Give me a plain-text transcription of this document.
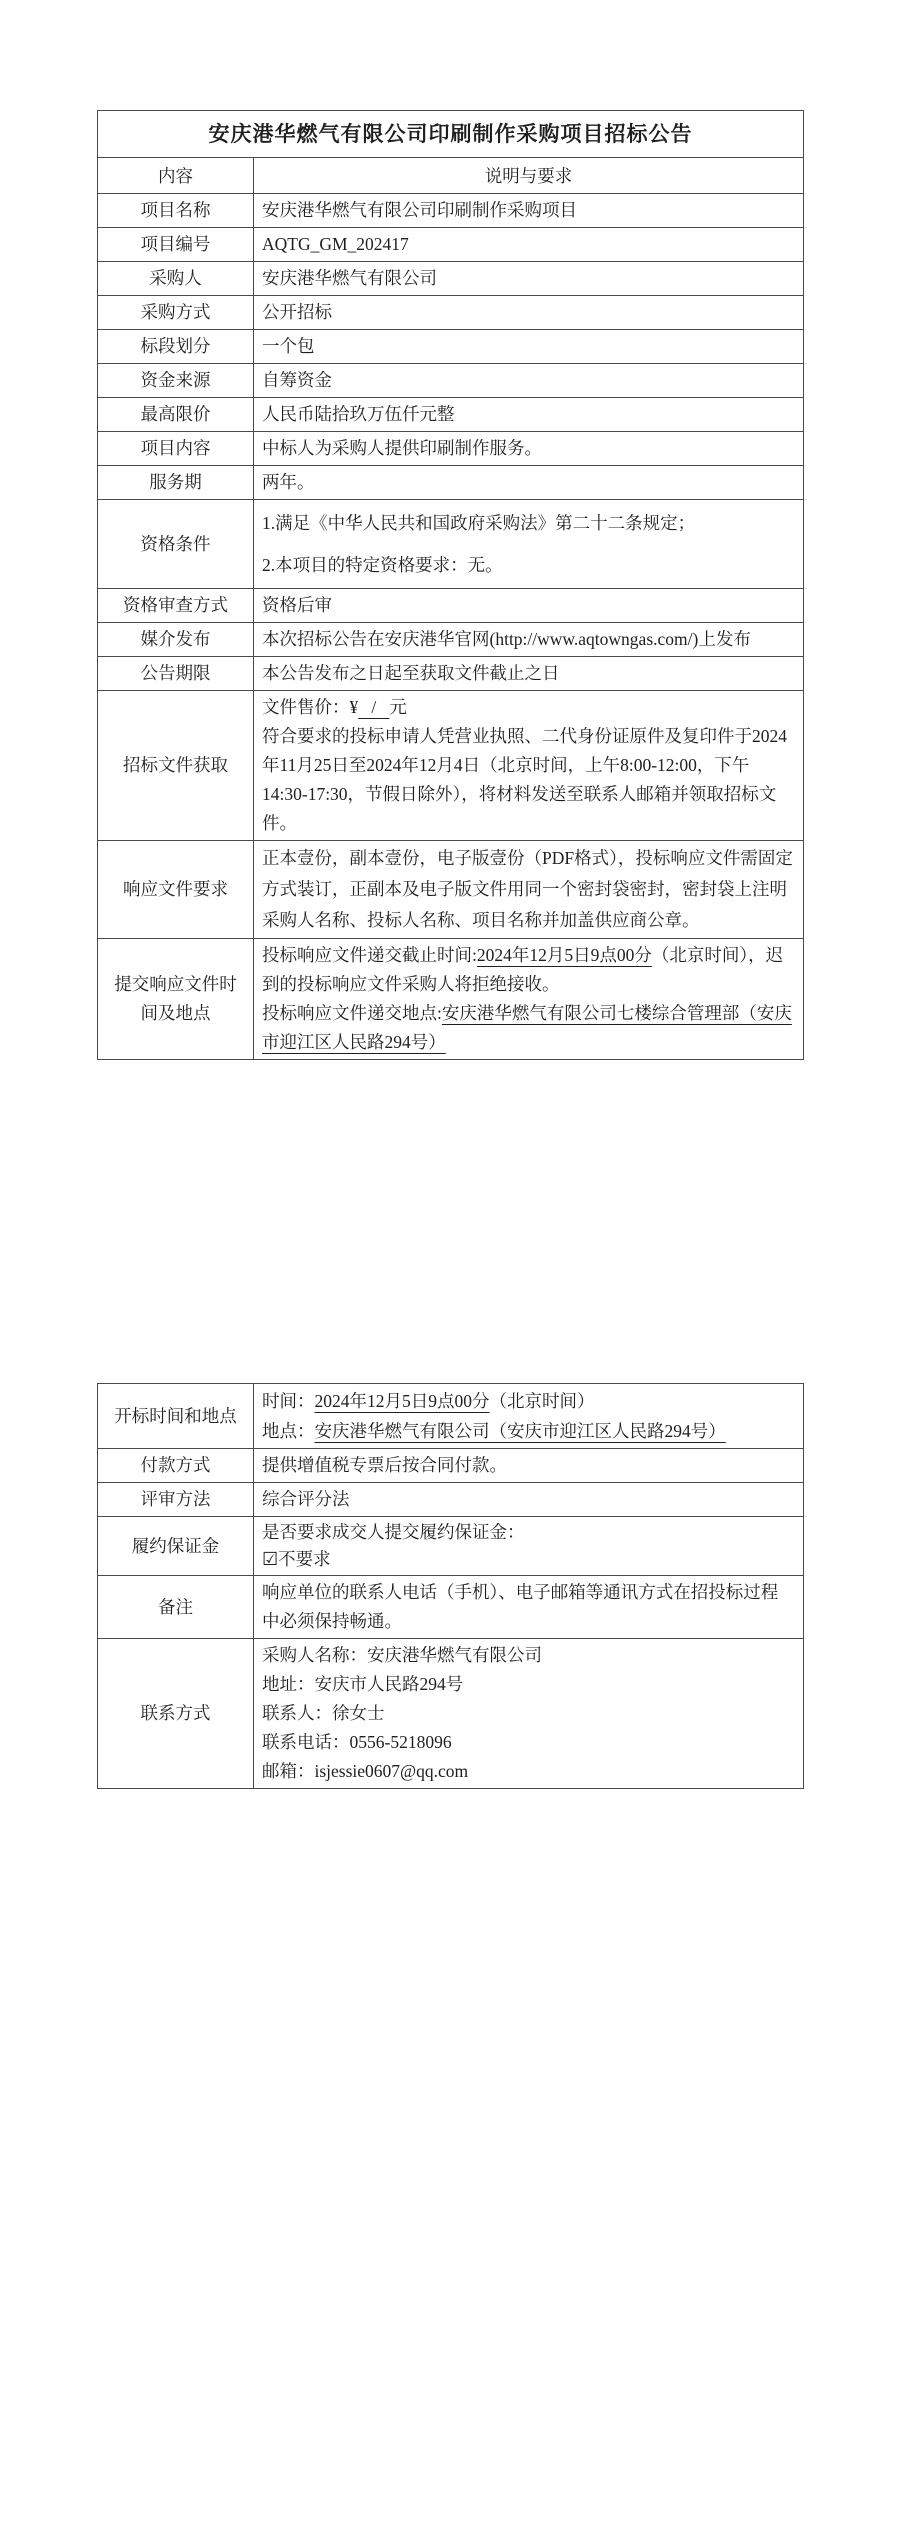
安庆港华燃气有限公司印刷制作采购项目招标公告	
内容	说明与要求
项目名称	安庆港华燃气有限公司印刷制作采购项目

项目编号	AQTG_GM_202417

采购人	安庆港华燃气有限公司

采购方式	公开招标

标段划分	一个包

资金来源	自筹资金

最高限价	人民币陆拾玖万伍仟元整

项目内容	中标人为采购人提供印刷制作服务。

服务期	两年。

资格条件	1.满足《中华人民共和国政府采购法》第二十二条规定；
2.本项目的特定资格要求：无。

资格审查方式	资格后审

媒介发布	本次招标公告在安庆港华官网(http://www.aqtowngas.com/)上发布

公告期限	本公告发布之日起至获取文件截止之日

招标文件获取	文件售价：¥   /   元
符合要求的投标申请人凭营业执照、二代身份证原件及复印件于2024年11月25日至2024年12月4日（北京时间，上午8:00-12:00，下午14:30-17:30，节假日除外），将材料发送至联系人邮箱并领取招标文件。

响应文件要求	正本壹份，副本壹份，电子版壹份（PDF格式），投标响应文件需固定方式装订，正副本及电子版文件用同一个密封袋密封，密封袋上注明采购人名称、投标人名称、项目名称并加盖供应商公章。

提交响应文件时间及地点	投标响应文件递交截止时间:2024年12月5日9点00分（北京时间），迟到的投标响应文件采购人将拒绝接收。
投标响应文件递交地点:安庆港华燃气有限公司七楼综合管理部（安庆市迎江区人民路294号）
开标时间和地点	时间：2024年12月5日9点00分（北京时间）
地点：安庆港华燃气有限公司（安庆市迎江区人民路294号）

付款方式	提供增值税专票后按合同付款。

评审方法	综合评分法

履约保证金	是否要求成交人提交履约保证金：
☑不要求

备注	响应单位的联系人电话（手机）、电子邮箱等通讯方式在招投标过程中必须保持畅通。

联系方式	采购人名称：安庆港华燃气有限公司
地址：安庆市人民路294号
联系人：徐女士
联系电话：0556-5218096
邮箱：isjessie0607@qq.com
